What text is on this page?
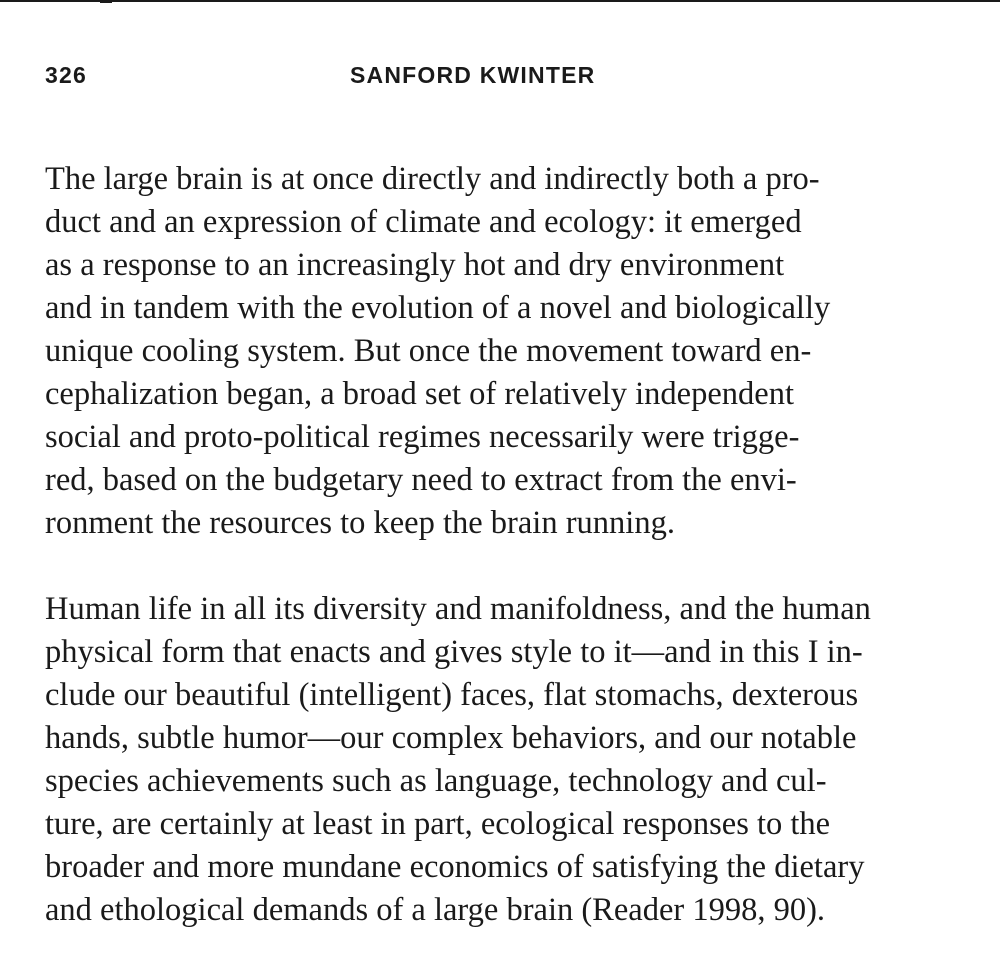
326	SANFORD KWINTER

The large brain is at once directly and indirectly both a pro-
duct and an expression of climate and ecology: it emerged
as a response to an increasingly hot and dry environment
and in tandem with the evolution of a novel and biologically
unique cooling system. But once the movement toward en-
cephalization began, a broad set of relatively independent
social and proto-political regimes necessarily were trigge-
red, based on the budgetary need to extract from the envi-
ronment the resources to keep the brain running.

Human life in all its diversity and manifoldness, and the human
physical form that enacts and gives style to it—and in this I in-
clude our beautiful (intelligent) faces, flat stomachs, dexterous
hands, subtle humor—our complex behaviors, and our notable
species achievements such as language, technology and cul-
ture, are certainly at least in part, ecological responses to the
broader and more mundane economics of satisfying the dietary
and ethological demands of a large brain (Reader 1998, 90).
